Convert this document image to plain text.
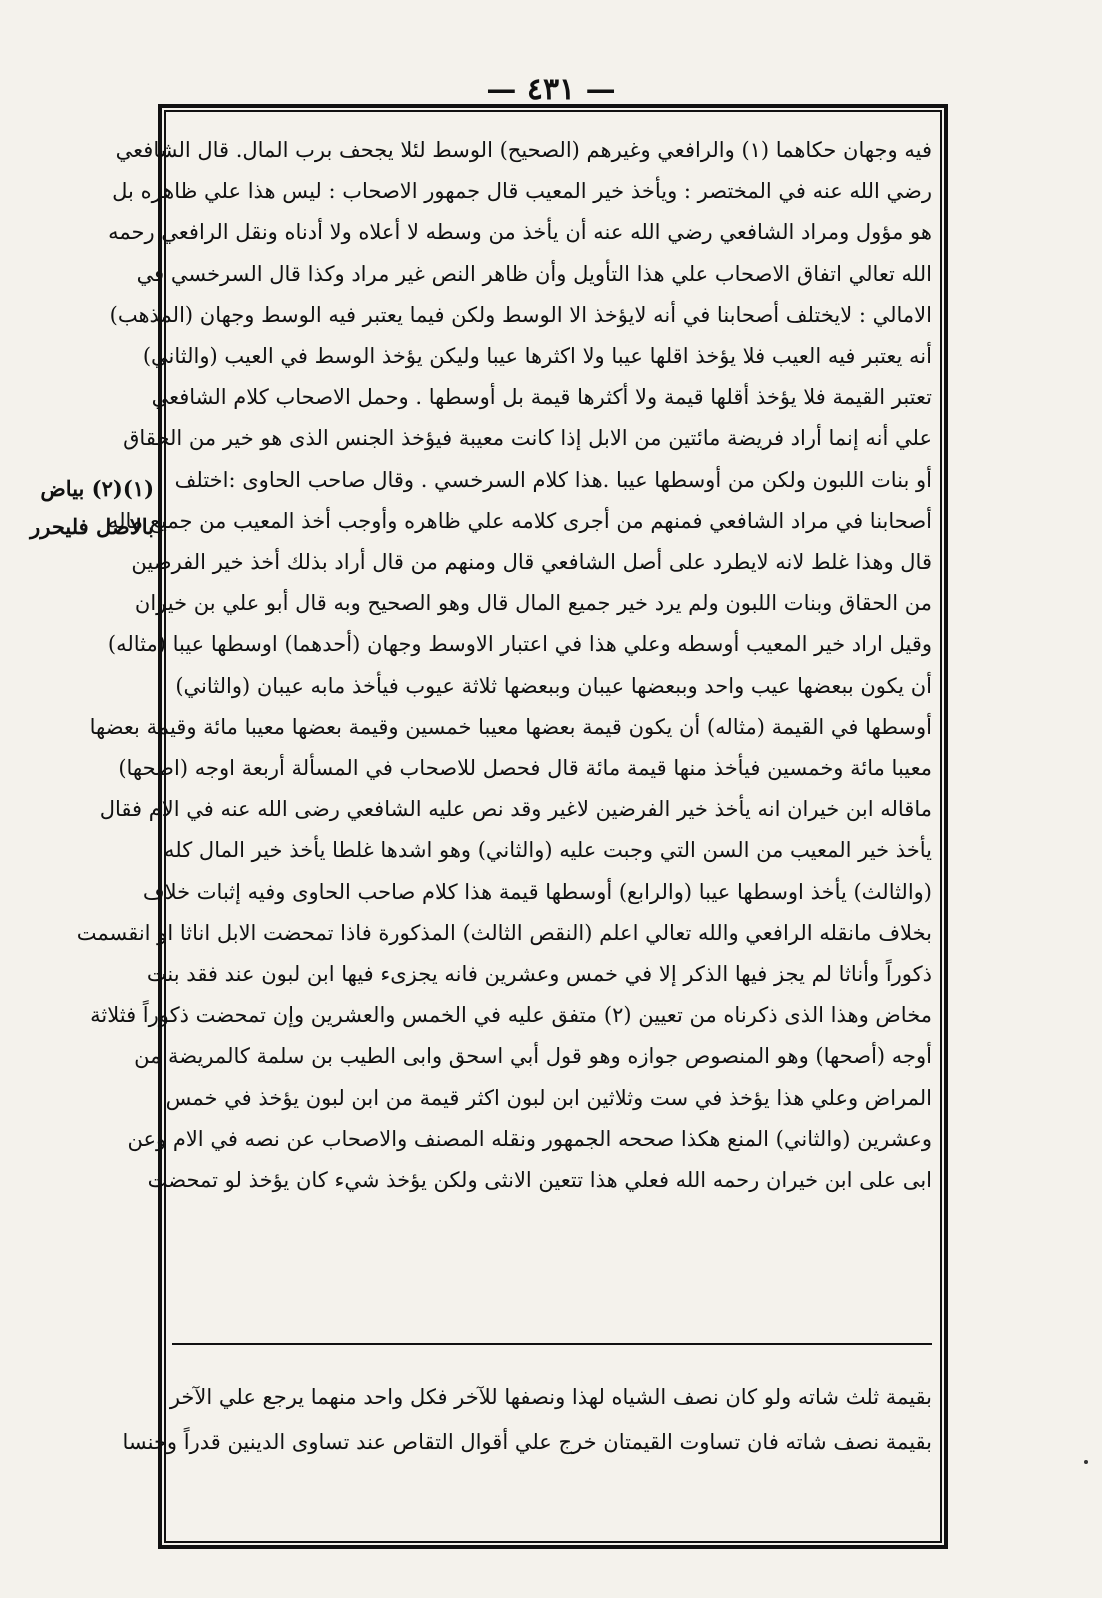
— ٤٣١ —
(١)(٢) بياض
بالاصل فليحرر
فيه وجهان حكاهما (١) والرافعي وغيرهم (الصحيح) الوسط لئلا يجحف برب المال. قال الشافعي
رضي الله عنه في المختصر : ويأخذ خير المعيب قال جمهور الاصحاب : ليس هذا علي ظاهره بل
هو مؤول ومراد الشافعي رضي الله عنه أن يأخذ من وسطه لا أعلاه ولا أدناه ونقل الرافعي رحمه
الله تعالي اتفاق الاصحاب علي هذا التأويل وأن ظاهر النص غير مراد وكذا قال السرخسي في
الامالي : لايختلف أصحابنا في أنه لايؤخذ الا الوسط ولكن فيما يعتبر فيه الوسط وجهان (المذهب)
أنه يعتبر فيه العيب فلا يؤخذ اقلها عيبا ولا اكثرها عيبا وليكن يؤخذ الوسط في العيب (والثاني)
تعتبر القيمة فلا يؤخذ أقلها قيمة ولا أكثرها قيمة بل أوسطها . وحمل الاصحاب كلام الشافعي
علي أنه إنما أراد فريضة مائتين من الابل إذا كانت معيبة فيؤخذ الجنس الذى هو خير من الحقاق
أو بنات اللبون ولكن من أوسطها عيبا .هذا كلام السرخسي . وقال صاحب الحاوى :اختلف
أصحابنا في مراد الشافعي فمنهم من أجرى كلامه علي ظاهره وأوجب أخذ المعيب من جميع ماله
قال وهذا غلط لانه لايطرد على أصل الشافعي قال ومنهم من قال أراد بذلك أخذ خير الفرضين
من الحقاق وبنات اللبون ولم يرد خير جميع المال قال وهو الصحيح وبه قال أبو علي بن خيران
وقيل اراد خير المعيب أوسطه وعلي هذا في اعتبار الاوسط وجهان (أحدهما) اوسطها عيبا (مثاله)
أن يكون ببعضها عيب واحد وببعضها عيبان وببعضها ثلاثة عيوب فيأخذ مابه عيبان (والثاني)
أوسطها في القيمة (مثاله) أن يكون قيمة بعضها معيبا خمسين وقيمة بعضها معيبا مائة وقيمة بعضها
معيبا مائة وخمسين فيأخذ منها قيمة مائة قال فحصل للاصحاب في المسألة أربعة اوجه (اصحها)
ماقاله ابن خيران انه يأخذ خير الفرضين لاغير وقد نص عليه الشافعي رضى الله عنه في الام فقال
يأخذ خير المعيب من السن التي وجبت عليه (والثاني) وهو اشدها غلطا يأخذ خير المال كله
(والثالث) يأخذ اوسطها عيبا (والرابع) أوسطها قيمة هذا كلام صاحب الحاوى وفيه إثبات خلاف
بخلاف مانقله الرافعي والله تعالي اعلم (النقص الثالث) المذكورة فاذا تمحضت الابل اناثا او انقسمت
ذكوراً وأناثا لم يجز فيها الذكر إلا في خمس وعشرين فانه يجزىء فيها ابن لبون عند فقد بنت
مخاض وهذا الذى ذكرناه من تعيين (٢) متفق عليه في الخمس والعشرين وإن تمحضت ذكوراً فثلاثة
أوجه (أصحها) وهو المنصوص جوازه وهو قول أبي اسحق وابى الطيب بن سلمة كالمريضة من
المراض وعلي هذا يؤخذ في ست وثلاثين ابن لبون اكثر قيمة من ابن لبون يؤخذ في خمس
وعشرين (والثاني) المنع هكذا صححه الجمهور ونقله المصنف والاصحاب عن نصه في الام وعن
ابى على ابن خيران رحمه الله فعلي هذا تتعين الانثى ولكن يؤخذ شيء كان يؤخذ لو تمحضت
بقيمة ثلث شاته ولو كان نصف الشياه لهذا ونصفها للآخر فكل واحد منهما يرجع علي الآخر
بقيمة نصف شاته فان تساوت القيمتان خرج علي أقوال التقاص عند تساوى الدينين قدراً وجنسا
